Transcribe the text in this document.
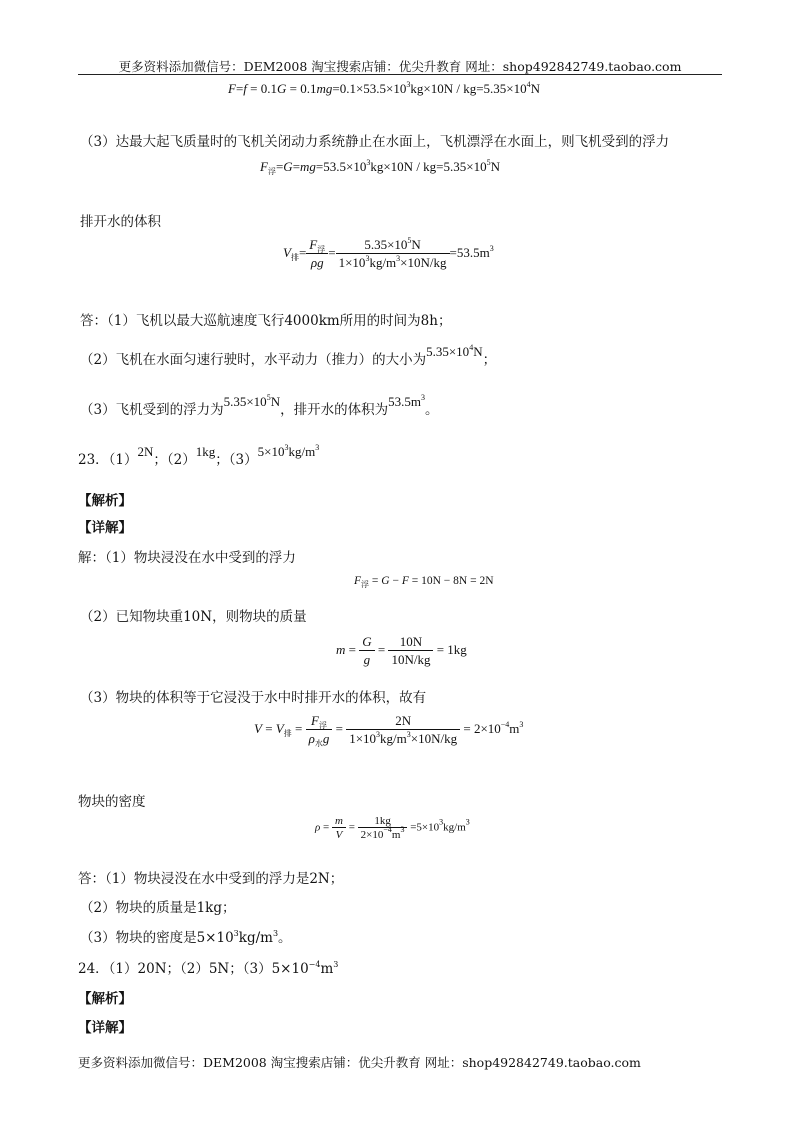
更多资料添加微信号：DEM2008 淘宝搜索店铺：优尖升教育 网址：shop492842749.taobao.com
$F=f = 0.1G = 0.1mg=0.1\times 53.5\times 10^3kg\times 10N / kg=5.35\times 10^4N$
（3）达最大起飞质量时的飞机关闭动力系统静止在水面上，飞机漂浮在水面上，则飞机受到的浮力
$F_浮=G=mg=53.5\times 10^3kg\times 10N / kg=5.35\times 10^5N$
排开水的体积
$V_排= \frac{F_浮}{\rho g} = \frac{5.35\times 10^5N}{1\times 10^3kg/m^3\times 10N/kg} =53.5m^3$
答：（1）飞机以最大巡航速度飞行4000km所用的时间为8h；
（2）飞机在水面匀速行驶时，水平动力（推力）的大小为$5.35\times 10^4N$；
（3）飞机受到的浮力为$5.35\times 10^5N$，排开水的体积为$53.5m^3$。
23．（1）2N；（2）1kg；$(3)5\times 10^3kg/m^3$
【解析】
【详解】
解：（1）物块浸没在水中受到的浮力
$F_浮 = G - F = 10N - 8N = 2N$
（2）已知物块重10N，则物块的质量
$m = \frac{G}{g} = \frac{10N}{10N/kg} = 1kg$
（3）物块的体积等于它浸没于水中时排开水的体积，故有
$V = V_排 = \frac{F_浮}{\rho_水g} = \frac{2N}{1\times 10^3kg/m^3\times 10N/kg} = 2\times 10^{-4}m^3$
物块的密度
$\rho = \frac{m}{V} = \frac{1kg}{2\times 10^{-4}m^3} =5\times 10^3kg/m^3$
答：（1）物块浸没在水中受到的浮力是2N；
（2）物块的质量是1kg；
（3）物块的密度是$5\times 10^3kg/m^3$。
24．（1）20N；（2）5N；$(3)5\times 10^{-4}m^3$
【解析】
【详解】
更多资料添加微信号：DEM2008 淘宝搜索店铺：优尖升教育 网址：shop492842749.taobao.com
